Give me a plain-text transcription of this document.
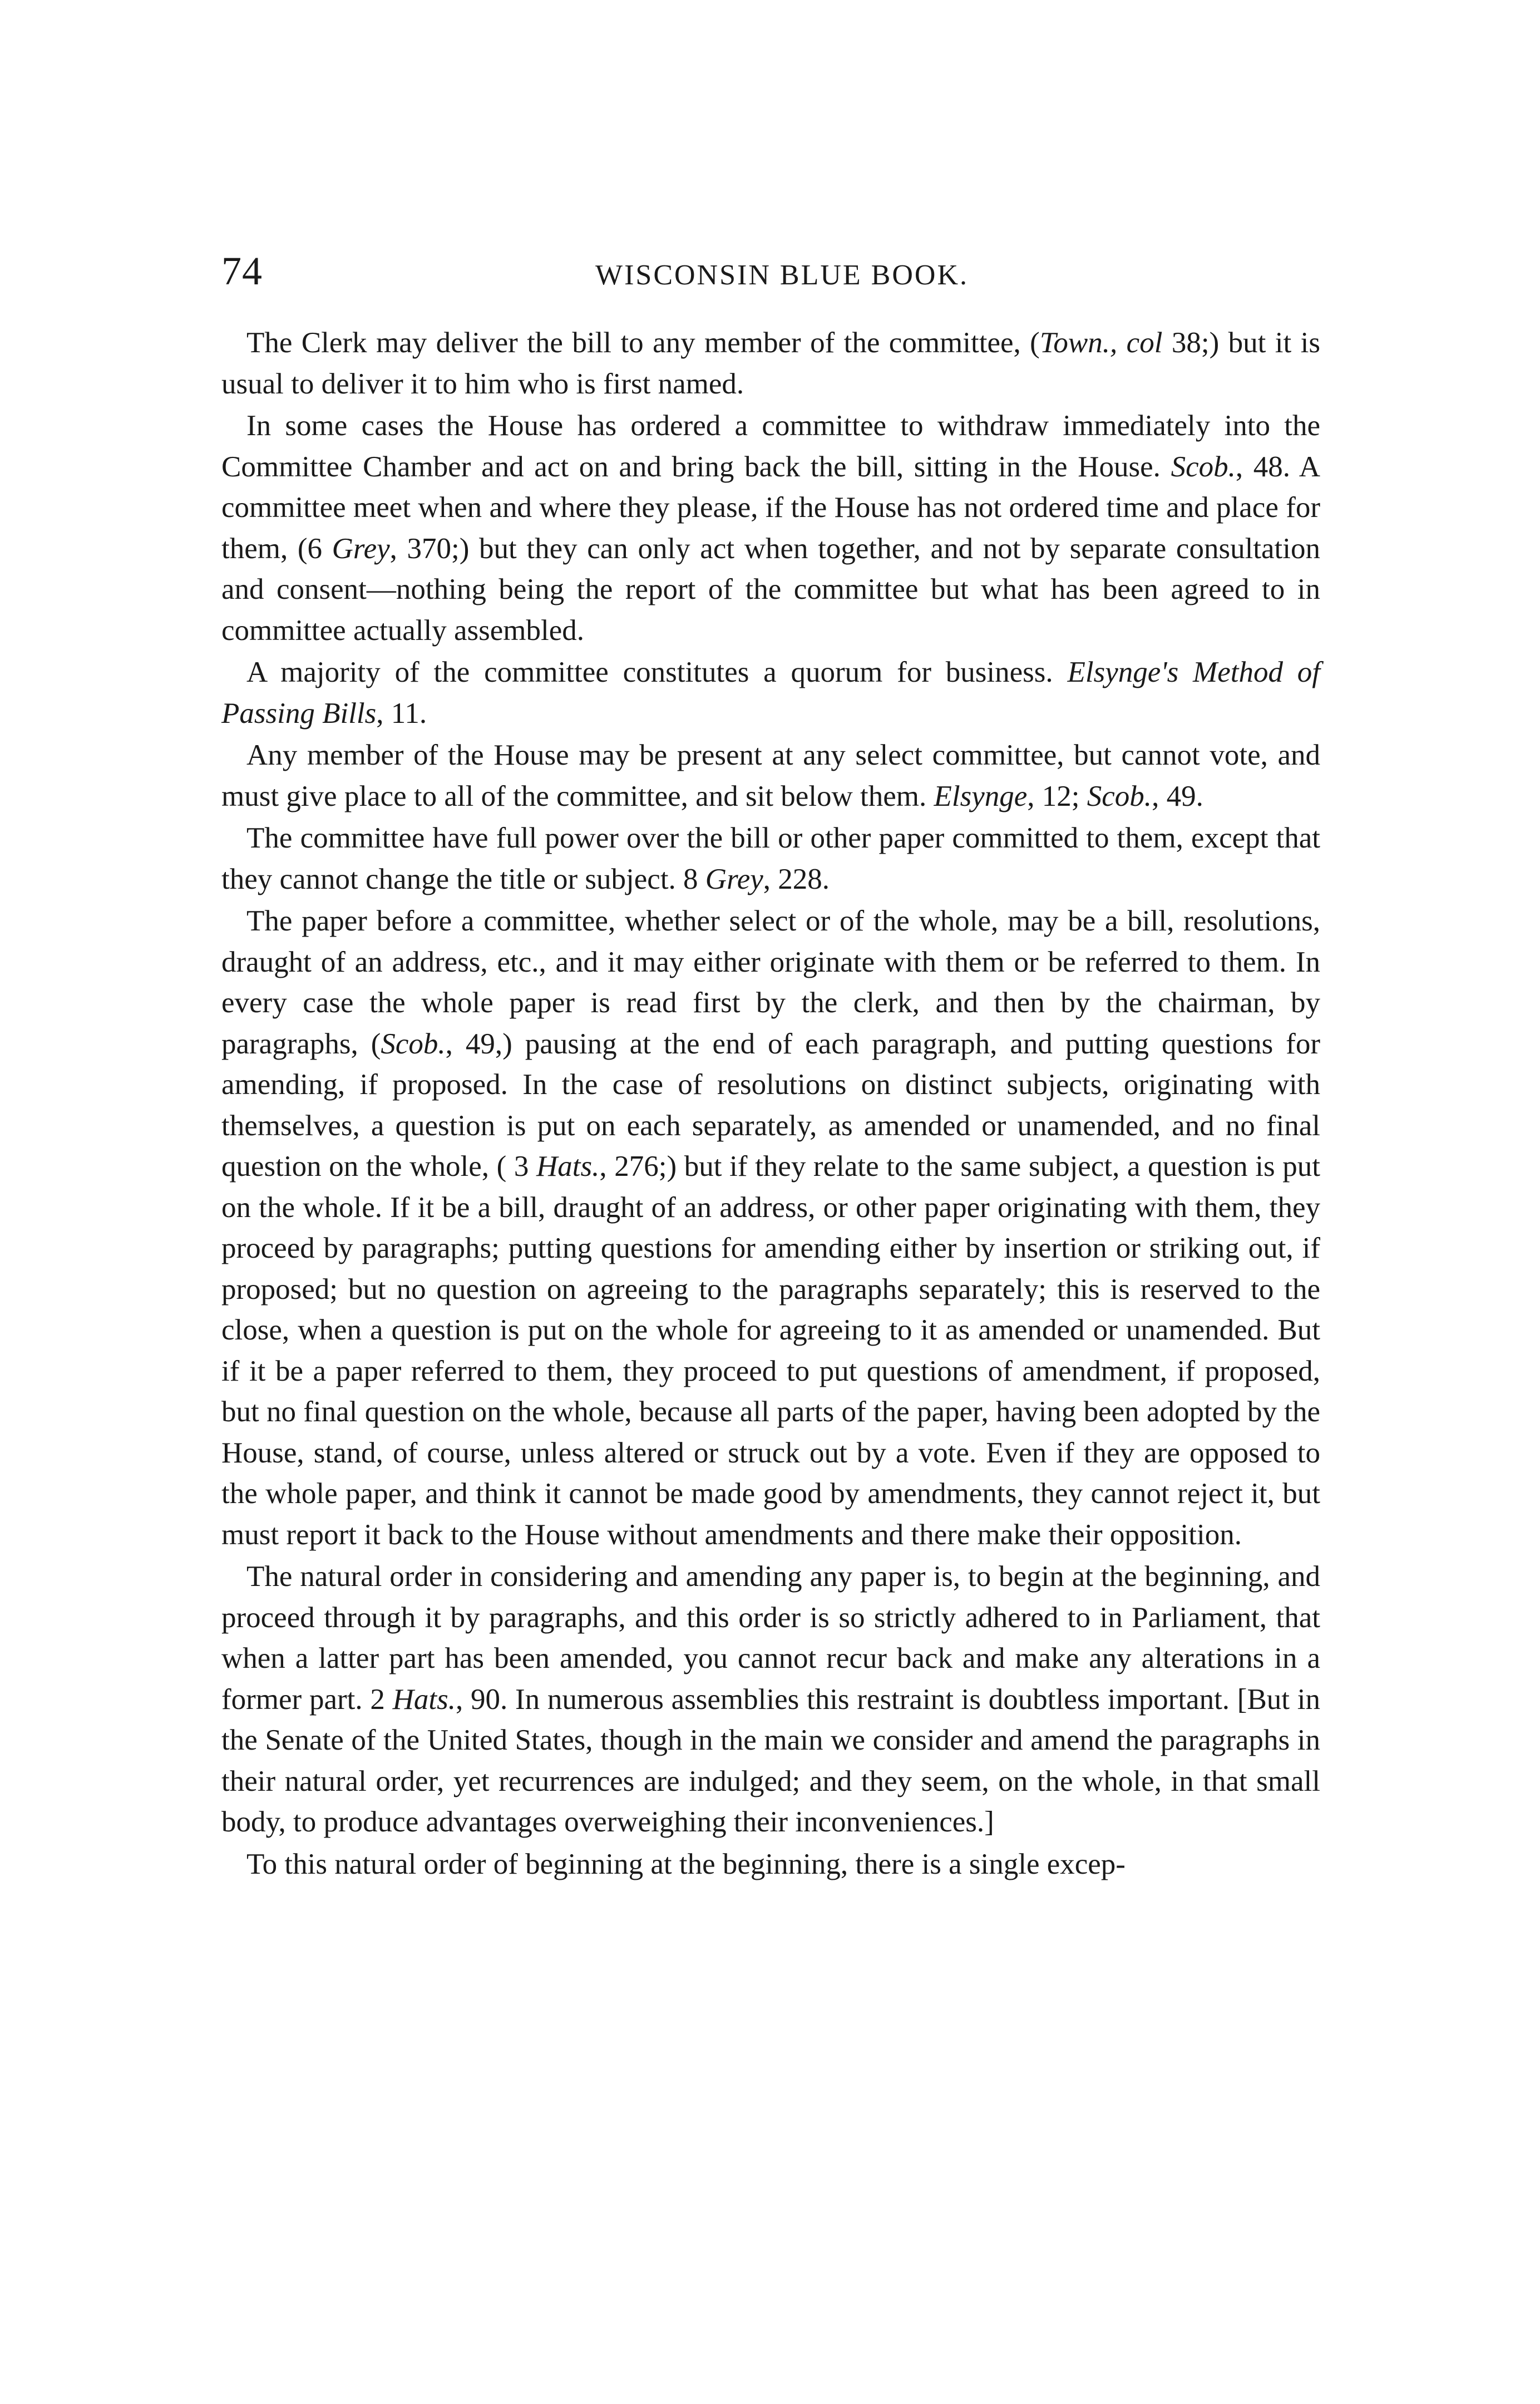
74	WISCONSIN BLUE BOOK.

The Clerk may deliver the bill to any member of the committee, (Town., col 38;) but it is usual to deliver it to him who is first named.

In some cases the House has ordered a committee to withdraw immediately into the Committee Chamber and act on and bring back the bill, sitting in the House. Scob., 48. A committee meet when and where they please, if the House has not ordered time and place for them, (6 Grey, 370;) but they can only act when together, and not by separate consultation and consent—nothing being the report of the committee but what has been agreed to in committee actually assembled.

A majority of the committee constitutes a quorum for business. Elsynge's Method of Passing Bills, 11.

Any member of the House may be present at any select committee, but cannot vote, and must give place to all of the committee, and sit below them. Elsynge, 12; Scob., 49.

The committee have full power over the bill or other paper committed to them, except that they cannot change the title or subject. 8 Grey, 228.

The paper before a committee, whether select or of the whole, may be a bill, resolutions, draught of an address, etc., and it may either originate with them or be referred to them. In every case the whole paper is read first by the clerk, and then by the chairman, by paragraphs, (Scob., 49,) pausing at the end of each paragraph, and putting questions for amending, if proposed. In the case of resolutions on distinct subjects, originating with themselves, a question is put on each separately, as amended or unamended, and no final question on the whole, ( 3 Hats., 276;) but if they relate to the same subject, a question is put on the whole. If it be a bill, draught of an address, or other paper originating with them, they proceed by paragraphs; putting questions for amending either by insertion or striking out, if proposed; but no question on agreeing to the paragraphs separately; this is reserved to the close, when a question is put on the whole for agreeing to it as amended or unamended. But if it be a paper referred to them, they proceed to put questions of amendment, if proposed, but no final question on the whole, because all parts of the paper, having been adopted by the House, stand, of course, unless altered or struck out by a vote. Even if they are opposed to the whole paper, and think it cannot be made good by amendments, they cannot reject it, but must report it back to the House without amendments and there make their opposition.

The natural order in considering and amending any paper is, to begin at the beginning, and proceed through it by paragraphs, and this order is so strictly adhered to in Parliament, that when a latter part has been amended, you cannot recur back and make any alterations in a former part. 2 Hats., 90. In numerous assemblies this restraint is doubtless important. [But in the Senate of the United States, though in the main we consider and amend the paragraphs in their natural order, yet recurrences are indulged; and they seem, on the whole, in that small body, to produce advantages overweighing their inconveniences.]

To this natural order of beginning at the beginning, there is a single excep-
